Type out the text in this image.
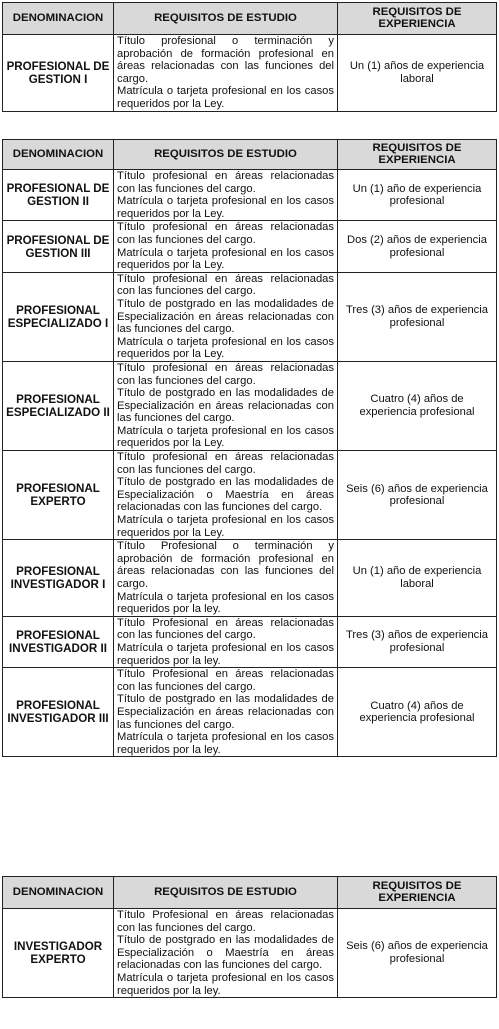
DENOMINACION	REQUISITOS DE ESTUDIO	REQUISITOS DE EXPERIENCIA
PROFESIONAL DE GESTION I	Título profesional o terminación y aprobación de formación profesional en áreas relacionadas con las funciones del cargo.
Matrícula o tarjeta profesional en los casos requeridos por la Ley.	Un (1) años de experiencia laboral
DENOMINACION	REQUISITOS DE ESTUDIO	REQUISITOS DE EXPERIENCIA
PROFESIONAL DE GESTION II	Título profesional en áreas relacionadas con las funciones del cargo.
Matrícula o tarjeta profesional en los casos requeridos por la Ley.	Un (1) año de experiencia profesional
PROFESIONAL DE GESTION III	Título profesional en áreas relacionadas con las funciones del cargo.
Matrícula o tarjeta profesional en los casos requeridos por la Ley.	Dos (2) años de experiencia profesional
PROFESIONAL ESPECIALIZADO I	Título profesional en áreas relacionadas con las funciones del cargo.
Título de postgrado en las modalidades de Especialización en áreas relacionadas con las funciones del cargo.
Matrícula o tarjeta profesional en los casos requeridos por la Ley.	Tres (3) años de experiencia profesional
PROFESIONAL ESPECIALIZADO II	Título profesional en áreas relacionadas con las funciones del cargo.
Título de postgrado en las modalidades de Especialización en áreas relacionadas con las funciones del cargo.
Matrícula o tarjeta profesional en los casos requeridos por la Ley.	Cuatro (4) años de experiencia profesional
PROFESIONAL EXPERTO	Título profesional en áreas relacionadas con las funciones del cargo.
Título de postgrado en las modalidades de Especialización o Maestría en áreas relacionadas con las funciones del cargo.
Matrícula o tarjeta profesional en los casos requeridos por la Ley.	Seis (6) años de experiencia profesional
PROFESIONAL INVESTIGADOR I	Título Profesional o terminación y aprobación de formación profesional en áreas relacionadas con las funciones del cargo.
Matrícula o tarjeta profesional en los casos requeridos por la ley.	Un (1) año de experiencia laboral
PROFESIONAL INVESTIGADOR II	Título Profesional en áreas relacionadas con las funciones del cargo.
Matrícula o tarjeta profesional en los casos requeridos por la ley.	Tres (3) años de experiencia profesional
PROFESIONAL INVESTIGADOR III	Título Profesional en áreas relacionadas con las funciones del cargo.
Título de postgrado en las modalidades de Especialización en áreas relacionadas con las funciones del cargo.
Matrícula o tarjeta profesional en los casos requeridos por la ley.	Cuatro (4) años de experiencia profesional
DENOMINACION	REQUISITOS DE ESTUDIO	REQUISITOS DE EXPERIENCIA
INVESTIGADOR EXPERTO	Título Profesional en áreas relacionadas con las funciones del cargo.
Título de postgrado en las modalidades de Especialización o Maestría en áreas relacionadas con las funciones del cargo.
Matrícula o tarjeta profesional en los casos requeridos por la ley.	Seis (6) años de experiencia profesional
